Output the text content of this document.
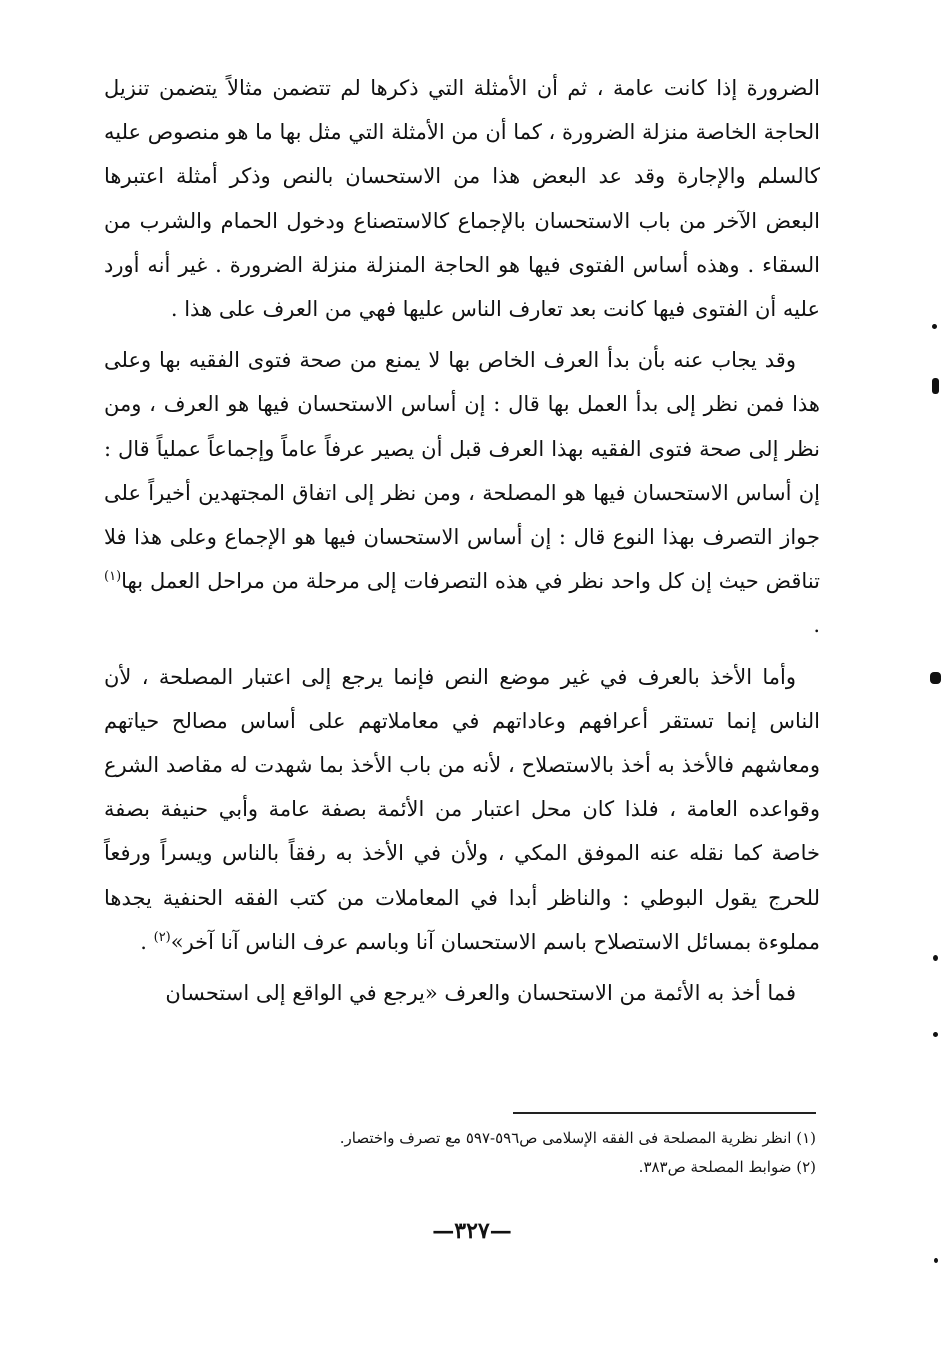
الضرورة إذا كانت عامة ، ثم أن الأمثلة التي ذكرها لم تتضمن مثالاً يتضمن تنزيل الحاجة الخاصة منزلة الضرورة ، كما أن من الأمثلة التي مثل بها ما هو منصوص عليه كالسلم والإجارة وقد عد البعض هذا من الاستحسان بالنص وذكر أمثلة اعتبرها البعض الآخر من باب الاستحسان بالإجماع كالاستصناع ودخول الحمام والشرب من السقاء . وهذه أساس الفتوى فيها هو الحاجة المنزلة منزلة الضرورة . غير أنه أورد عليه أن الفتوى فيها كانت بعد تعارف الناس عليها فهي من العرف على هذا .

وقد يجاب عنه بأن بدأ العرف الخاص بها لا يمنع من صحة فتوى الفقيه بها وعلى هذا فمن نظر إلى بدأ العمل بها قال : إن أساس الاستحسان فيها هو العرف ، ومن نظر إلى صحة فتوى الفقيه بهذا العرف قبل أن يصير عرفاً عاماً وإجماعاً عملياً قال : إن أساس الاستحسان فيها هو المصلحة ، ومن نظر إلى اتفاق المجتهدين أخيراً على جواز التصرف بهذا النوع قال : إن أساس الاستحسان فيها هو الإجماع وعلى هذا فلا تناقض حيث إن كل واحد نظر في هذه التصرفات إلى مرحلة من مراحل العمل بها$^{(١)}$ .

وأما الأخذ بالعرف في غير موضع النص فإنما يرجع إلى اعتبار المصلحة ، لأن الناس إنما تستقر أعرافهم وعاداتهم في معاملاتهم على أساس مصالح حياتهم ومعاشهم فالأخذ به أخذ بالاستصلاح ، لأنه من باب الأخذ بما شهدت له مقاصد الشرع وقواعده العامة ، فلذا كان محل اعتبار من الأئمة بصفة عامة وأبي حنيفة بصفة خاصة كما نقله عنه الموفق المكي ، ولأن في الأخذ به رفقاً بالناس ويسراً ورفعاً للحرج يقول البوطي : والناظر أبدا في المعاملات من كتب الفقه الحنفية يجدها مملوءة بمسائل الاستصلاح باسم الاستحسان آنا وباسم عرف الناس آنا آخر»$^{(٢)}$ .

فما أخذ به الأئمة من الاستحسان والعرف «يرجع في الواقع إلى استحسان

(١) انظر نظرية المصلحة فى الفقه الإسلامى ص٥٩٦-٥٩٧ مع تصرف واختصار.

(٢) ضوابط المصلحة ص٣٨٣.

—٣٢٧—
